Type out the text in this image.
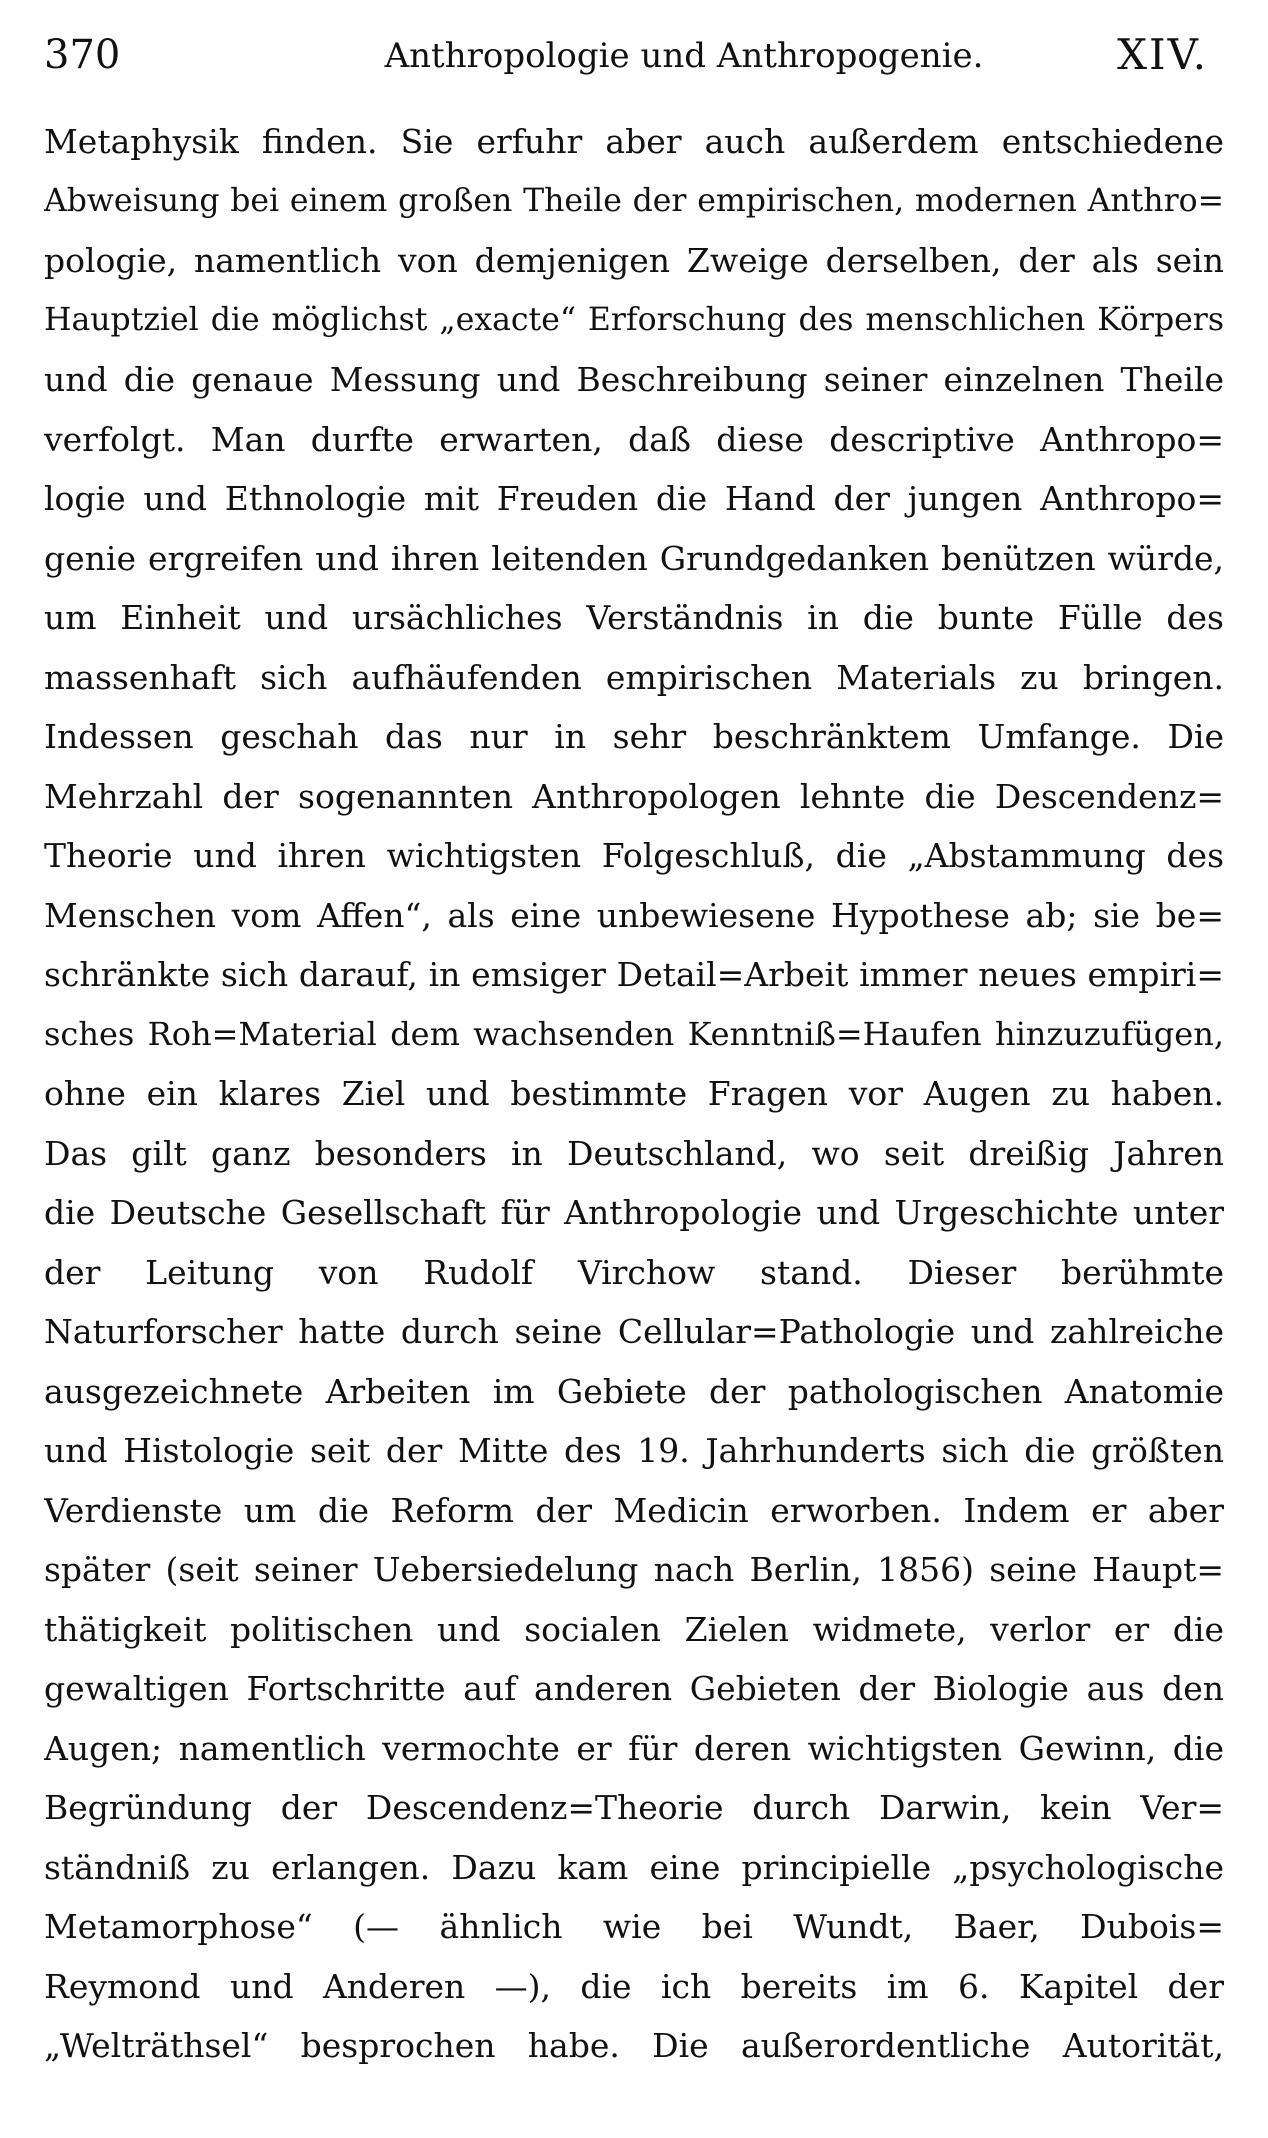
370	Anthropologie und Anthropogenie.	XIV.
Metaphysik finden. Sie erfuhr aber auch außerdem entschiedene
Abweisung bei einem großen Theile der empirischen, modernen Anthro=
pologie, namentlich von demjenigen Zweige derselben, der als sein
Hauptziel die möglichst „exacte“ Erforschung des menschlichen Körpers
und die genaue Messung und Beschreibung seiner einzelnen Theile
verfolgt. Man durfte erwarten, daß diese descriptive Anthropo=
logie und Ethnologie mit Freuden die Hand der jungen Anthropo=
genie ergreifen und ihren leitenden Grundgedanken benützen würde,
um Einheit und ursächliches Verständnis in die bunte Fülle des
massenhaft sich aufhäufenden empirischen Materials zu bringen.
Indessen geschah das nur in sehr beschränktem Umfange. Die
Mehrzahl der sogenannten Anthropologen lehnte die Descendenz=
Theorie und ihren wichtigsten Folgeschluß, die „Abstammung des
Menschen vom Affen“, als eine unbewiesene Hypothese ab; sie be=
schränkte sich darauf, in emsiger Detail=Arbeit immer neues empiri=
sches Roh=Material dem wachsenden Kenntniß=Haufen hinzuzufügen,
ohne ein klares Ziel und bestimmte Fragen vor Augen zu haben.
Das gilt ganz besonders in Deutschland, wo seit dreißig Jahren
die Deutsche Gesellschaft für Anthropologie und Urgeschichte unter
der Leitung von Rudolf Virchow stand. Dieser berühmte
Naturforscher hatte durch seine Cellular=Pathologie und zahlreiche
ausgezeichnete Arbeiten im Gebiete der pathologischen Anatomie
und Histologie seit der Mitte des 19. Jahrhunderts sich die größten
Verdienste um die Reform der Medicin erworben. Indem er aber
später (seit seiner Uebersiedelung nach Berlin, 1856) seine Haupt=
thätigkeit politischen und socialen Zielen widmete, verlor er die
gewaltigen Fortschritte auf anderen Gebieten der Biologie aus den
Augen; namentlich vermochte er für deren wichtigsten Gewinn, die
Begründung der Descendenz=Theorie durch Darwin, kein Ver=
ständniß zu erlangen. Dazu kam eine principielle „psychologische
Metamorphose“ (— ähnlich wie bei Wundt, Baer, Dubois=
Reymond und Anderen —), die ich bereits im 6. Kapitel der
„Welträthsel“ besprochen habe. Die außerordentliche Autorität,
